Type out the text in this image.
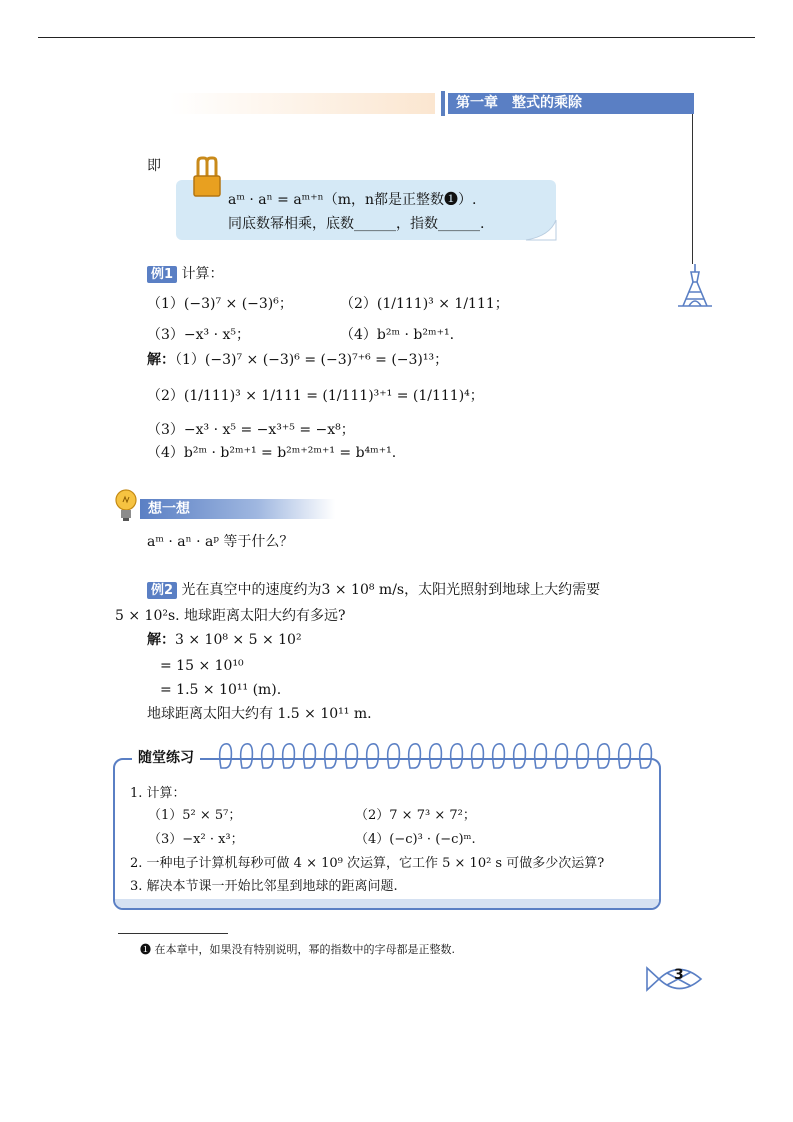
第一章　整式的乘除
即
aᵐ · aⁿ = aᵐ⁺ⁿ（m，n都是正整数❶）.
同底数幂相乘，底数______，指数______.
例1 计算：
（1）(−3)⁷ × (−3)⁶；	（2）(1/111)³ × 1/111；
（3）−x³ · x⁵；	（4）b²ᵐ · b²ᵐ⁺¹.
解：（1）(−3)⁷ × (−3)⁶ = (−3)⁷⁺⁶ = (−3)¹³；
（2）(1/111)³ × 1/111 = (1/111)³⁺¹ = (1/111)⁴；
（3）−x³ · x⁵ = −x³⁺⁵ = −x⁸；
（4）b²ᵐ · b²ᵐ⁺¹ = b²ᵐ⁺²ᵐ⁺¹ = b⁴ᵐ⁺¹.
想一想
aᵐ · aⁿ · aᵖ 等于什么？
例2 光在真空中的速度约为3 × 10⁸ m/s，太阳光照射到地球上大约需要
5 × 10²s. 地球距离太阳大约有多远?
解：3 × 10⁸ × 5 × 10²
= 15 × 10¹⁰
= 1.5 × 10¹¹ (m).
地球距离太阳大约有 1.5 × 10¹¹ m.
随堂练习
1. 计算：
（1）5² × 5⁷；	（2）7 × 7³ × 7²；
（3）−x² · x³；	（4）(−c)³ · (−c)ᵐ.
2. 一种电子计算机每秒可做 4 × 10⁹ 次运算，它工作 5 × 10² s 可做多少次运算?
3. 解决本节课一开始比邻星到地球的距离问题.
❶ 在本章中，如果没有特别说明，幂的指数中的字母都是正整数.
3
